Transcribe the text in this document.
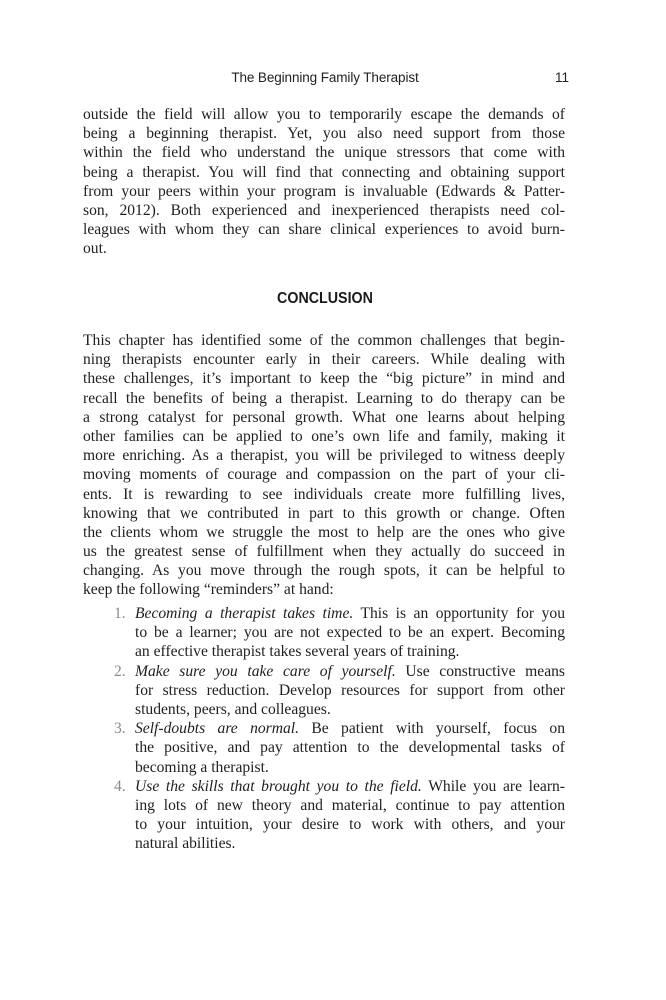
The Beginning Family Therapist	11
outside the field will allow you to temporarily escape the demands of
being a beginning therapist. Yet, you also need support from those
within the field who understand the unique stressors that come with
being a therapist. You will find that connecting and obtaining support
from your peers within your program is invaluable (Edwards & Patter-
son, 2012). Both experienced and inexperienced therapists need col-
leagues with whom they can share clinical experiences to avoid burn-
out.
CONCLUSION
This chapter has identified some of the common challenges that begin-
ning therapists encounter early in their careers. While dealing with
these challenges, it’s important to keep the “big picture” in mind and
recall the benefits of being a therapist. Learning to do therapy can be
a strong catalyst for personal growth. What one learns about helping
other families can be applied to one’s own life and family, making it
more enriching. As a therapist, you will be privileged to witness deeply
moving moments of courage and compassion on the part of your cli-
ents. It is rewarding to see individuals create more fulfilling lives,
knowing that we contributed in part to this growth or change. Often
the clients whom we struggle the most to help are the ones who give
us the greatest sense of fulfillment when they actually do succeed in
changing. As you move through the rough spots, it can be helpful to
keep the following “reminders” at hand:
1. Becoming a therapist takes time. This is an opportunity for you
to be a learner; you are not expected to be an expert. Becoming
an effective therapist takes several years of training.
2. Make sure you take care of yourself. Use constructive means
for stress reduction. Develop resources for support from other
students, peers, and colleagues.
3. Self-doubts are normal. Be patient with yourself, focus on
the positive, and pay attention to the developmental tasks of
becoming a therapist.
4. Use the skills that brought you to the field. While you are learn-
ing lots of new theory and material, continue to pay attention
to your intuition, your desire to work with others, and your
natural abilities.
